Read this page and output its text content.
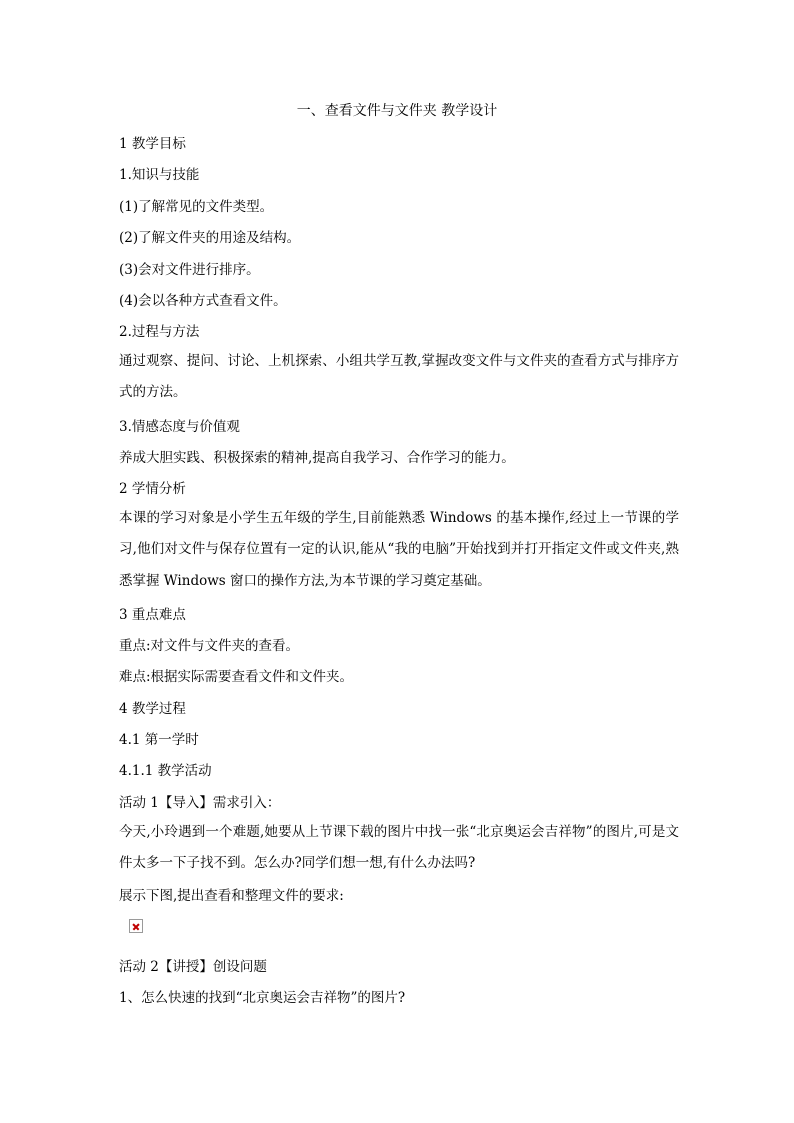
一、查看文件与文件夹 教学设计
1 教学目标
1.知识与技能
(1)了解常见的文件类型。
(2)了解文件夹的用途及结构。
(3)会对文件进行排序。
(4)会以各种方式查看文件。
2.过程与方法
通过观察、提问、讨论、上机探索、小组共学互教,掌握改变文件与文件夹的查看方式与排序方式的方法。
3.情感态度与价值观
养成大胆实践、积极探索的精神,提高自我学习、合作学习的能力。
2 学情分析
本课的学习对象是小学生五年级的学生,目前能熟悉 Windows 的基本操作,经过上一节课的学习,他们对文件与保存位置有一定的认识,能从“我的电脑”开始找到并打开指定文件或文件夹,熟悉掌握 Windows 窗口的操作方法,为本节课的学习奠定基础。
3 重点难点
重点:对文件与文件夹的查看。
难点:根据实际需要查看文件和文件夹。
4 教学过程
4.1 第一学时
4.1.1 教学活动
活动 1【导入】需求引入：
今天,小玲遇到一个难题,她要从上节课下载的图片中找一张“北京奥运会吉祥物”的图片,可是文件太多一下子找不到。怎么办?同学们想一想,有什么办法吗?
展示下图,提出查看和整理文件的要求:
活动 2【讲授】创设问题
1、怎么快速的找到“北京奥运会吉祥物”的图片?
